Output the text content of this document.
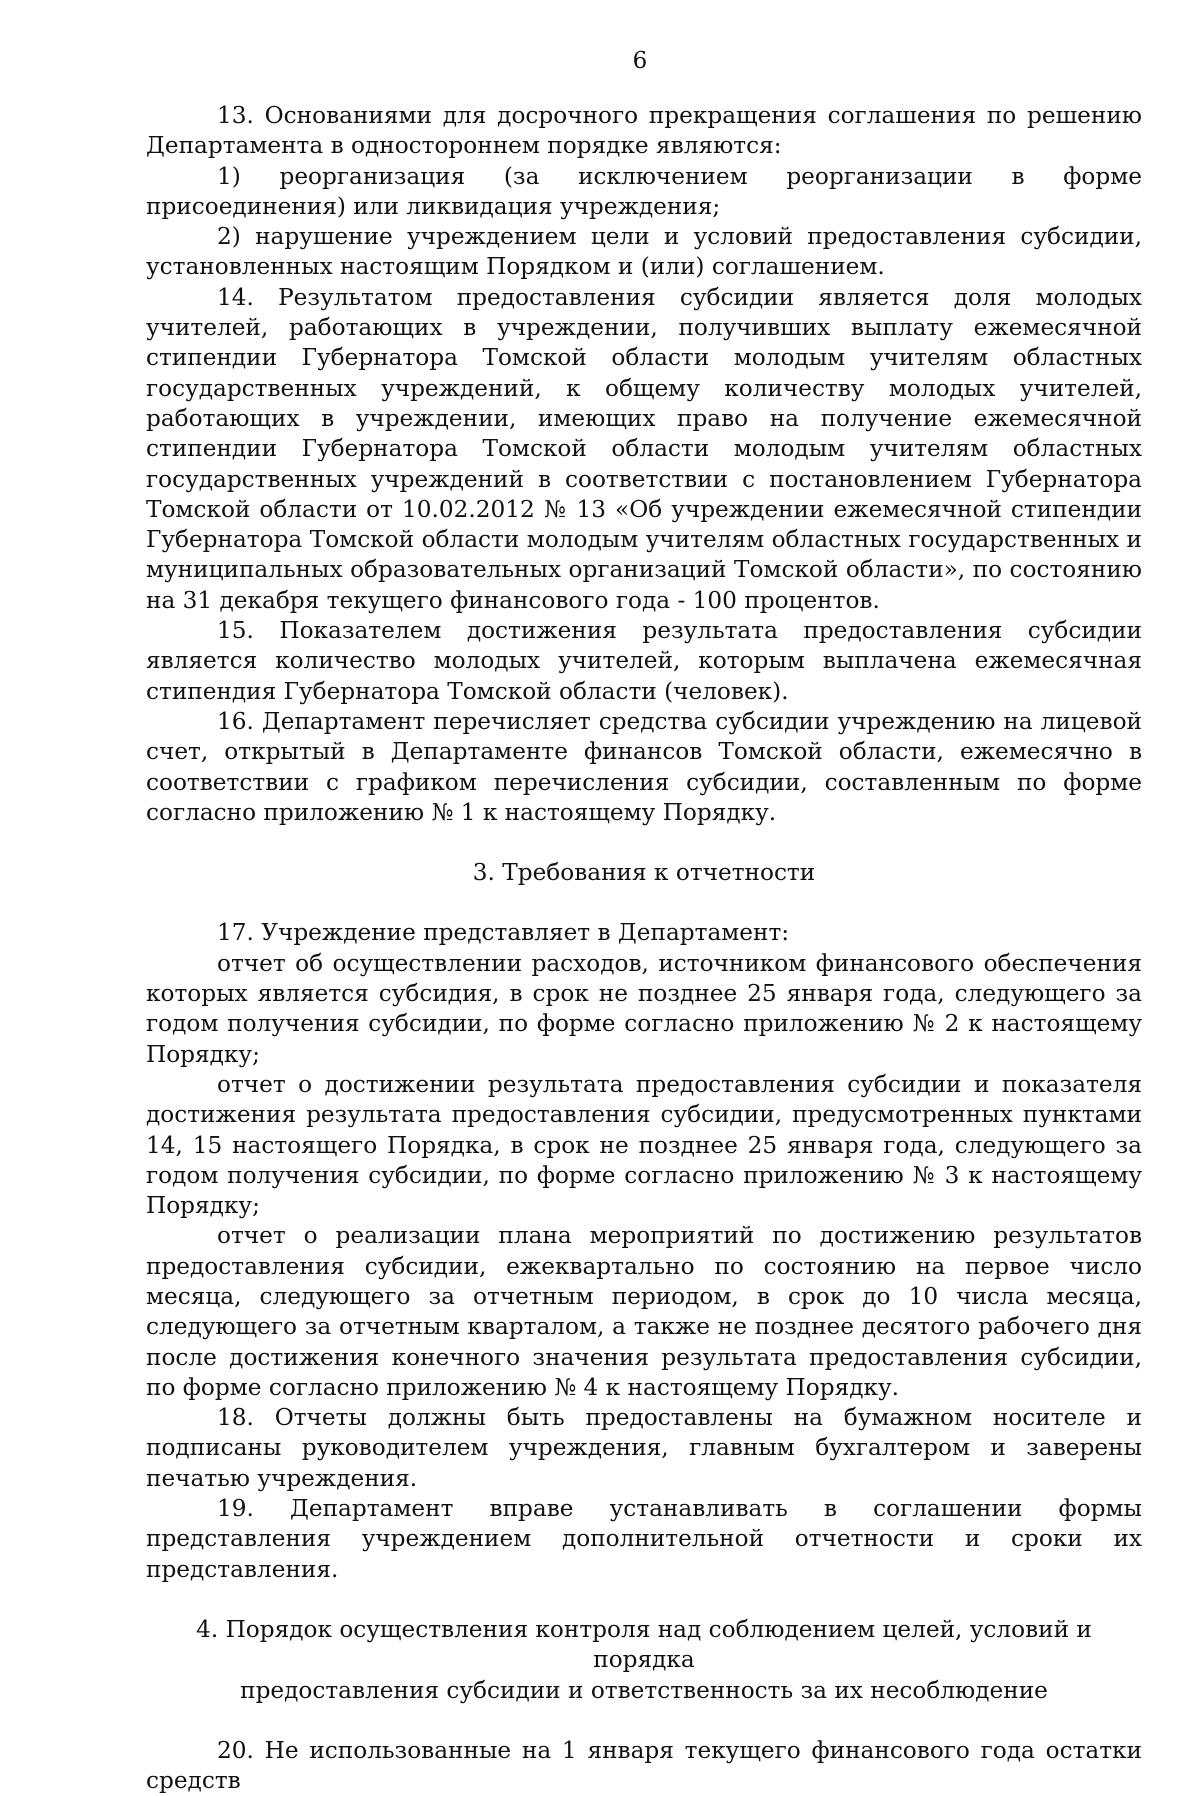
6

13. Основаниями для досрочного прекращения соглашения по решению Департамента в одностороннем порядке являются:

1) реорганизация (за исключением реорганизации в форме присоединения) или ликвидация учреждения;

2) нарушение учреждением цели и условий предоставления субсидии, установленных настоящим Порядком и (или) соглашением.

14. Результатом предоставления субсидии является доля молодых учителей, работающих в учреждении, получивших выплату ежемесячной стипендии Губернатора Томской области молодым учителям областных государственных учреждений, к общему количеству молодых учителей, работающих в учреждении, имеющих право на получение ежемесячной стипендии Губернатора Томской области молодым учителям областных государственных учреждений в соответствии с постановлением Губернатора Томской области от 10.02.2012 № 13 «Об учреждении ежемесячной стипендии Губернатора Томской области молодым учителям областных государственных и муниципальных образовательных организаций Томской области», по состоянию на 31 декабря текущего финансового года - 100 процентов.

15. Показателем достижения результата предоставления субсидии является количество молодых учителей, которым выплачена ежемесячная стипендия Губернатора Томской области (человек).

16. Департамент перечисляет средства субсидии учреждению на лицевой счет, открытый в Департаменте финансов Томской области, ежемесячно в соответствии с графиком перечисления субсидии, составленным по форме согласно приложению № 1 к настоящему Порядку.

3. Требования к отчетности

17. Учреждение представляет в Департамент:

отчет об осуществлении расходов, источником финансового обеспечения которых является субсидия, в срок не позднее 25 января года, следующего за годом получения субсидии, по форме согласно приложению № 2 к настоящему Порядку;

отчет о достижении результата предоставления субсидии и показателя достижения результата предоставления субсидии, предусмотренных пунктами 14, 15 настоящего Порядка, в срок не позднее 25 января года, следующего за годом получения субсидии, по форме согласно приложению № 3 к настоящему Порядку;

отчет о реализации плана мероприятий по достижению результатов предоставления субсидии, ежеквартально по состоянию на первое число месяца, следующего за отчетным периодом, в срок до 10 числа месяца, следующего за отчетным кварталом, а также не позднее десятого рабочего дня после достижения конечного значения результата предоставления субсидии, по форме согласно приложению № 4 к настоящему Порядку.

18. Отчеты должны быть предоставлены на бумажном носителе и подписаны руководителем учреждения, главным бухгалтером и заверены печатью учреждения.

19. Департамент вправе устанавливать в соглашении формы представления учреждением дополнительной отчетности и сроки их представления.

4. Порядок осуществления контроля над соблюдением целей, условий и порядка

предоставления субсидии и ответственность за их несоблюдение

20. Не использованные на 1 января текущего финансового года остатки средств
